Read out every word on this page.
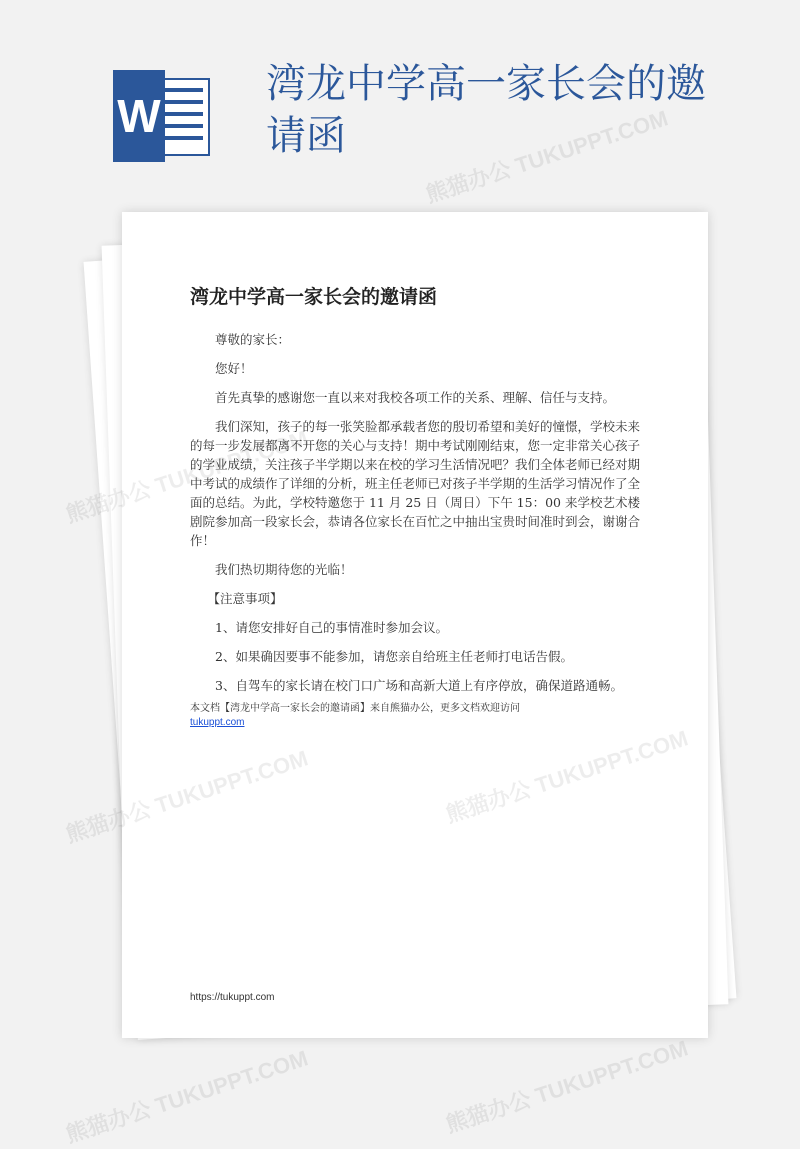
W
湾龙中学高一家长会的邀请函
湾龙中学高一家长会的邀请函

尊敬的家长：

您好！

首先真挚的感谢您一直以来对我校各项工作的关系、理解、信任与支持。

我们深知，孩子的每一张笑脸都承载者您的殷切希望和美好的憧憬，学校未来的每一步发展都离不开您的关心与支持！期中考试刚刚结束，您一定非常关心孩子的学业成绩，关注孩子半学期以来在校的学习生活情况吧？我们全体老师已经对期中考试的成绩作了详细的分析，班主任老师已对孩子半学期的生活学习情况作了全面的总结。为此，学校特邀您于 11 月 25 日（周日）下午 15：00 来学校艺术楼剧院参加高一段家长会，恭请各位家长在百忙之中抽出宝贵时间准时到会，谢谢合作！

我们热切期待您的光临！

【注意事项】

1、请您安排好自己的事情准时参加会议。

2、如果确因要事不能参加，请您亲自给班主任老师打电话告假。

3、自驾车的家长请在校门口广场和高新大道上有序停放，确保道路通畅。

本文档【湾龙中学高一家长会的邀请函】来自熊猫办公，更多文档欢迎访问
tukuppt.com
https://tukuppt.com
熊猫办公 TUKUPPT.COM
熊猫办公
熊猫办公 TUKUPPT.COM
熊猫办公 TUKUPPT.COM
